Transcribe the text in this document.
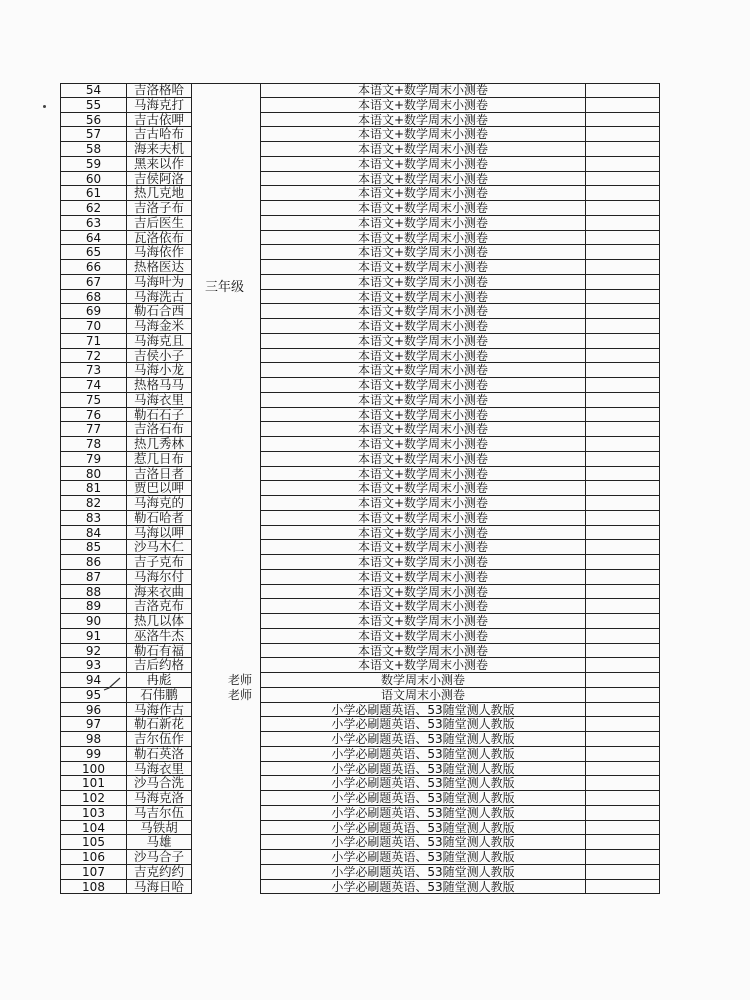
54	吉洛格哈	本语文+数学周末小测卷
55	马海克打	本语文+数学周末小测卷
56	吉古依呷	本语文+数学周末小测卷
57	吉古哈布	本语文+数学周末小测卷
58	海来夫机	本语文+数学周末小测卷
59	黑来以作	本语文+数学周末小测卷
60	吉侯阿洛	本语文+数学周末小测卷
61	热几克地	本语文+数学周末小测卷
62	吉洛子布	本语文+数学周末小测卷
63	吉后医生	本语文+数学周末小测卷
64	瓦洛依布	本语文+数学周末小测卷
65	马海依作	本语文+数学周末小测卷
66	热格医达	本语文+数学周末小测卷
67	马海叶为	本语文+数学周末小测卷
68	马海洗古	本语文+数学周末小测卷
69	勒石合西	本语文+数学周末小测卷
70	马海金米	本语文+数学周末小测卷
71	马海克且	本语文+数学周末小测卷
72	吉侯小子	本语文+数学周末小测卷
73	马海小龙	本语文+数学周末小测卷
74	热格马马	本语文+数学周末小测卷
75	马海衣里	本语文+数学周末小测卷
76	勒石石子	本语文+数学周末小测卷
77	吉洛石布	本语文+数学周末小测卷
78	热几秀林	本语文+数学周末小测卷
79	惹几日布	本语文+数学周末小测卷
80	吉洛日者	本语文+数学周末小测卷
81	贾巴以呷	本语文+数学周末小测卷
82	马海克的	本语文+数学周末小测卷
83	勒石哈者	本语文+数学周末小测卷
84	马海以呷	本语文+数学周末小测卷
85	沙马木仁	本语文+数学周末小测卷
86	吉子克布	本语文+数学周末小测卷
87	马海尔付	本语文+数学周末小测卷
88	海来衣曲	本语文+数学周末小测卷
89	吉洛克布	本语文+数学周末小测卷
90	热几以体	本语文+数学周末小测卷
91	巫洛牛杰	本语文+数学周末小测卷
92	勒石有福	本语文+数学周末小测卷
93	吉后约格	本语文+数学周末小测卷
94	冉彪	老师	数学周末小测卷
95	石伟鹏	老师	语文周末小测卷
96	马海作古	小学必刷题英语、53随堂测人教版
97	勒石新花	小学必刷题英语、53随堂测人教版
98	吉尔伍作	小学必刷题英语、53随堂测人教版
99	勒石英洛	小学必刷题英语、53随堂测人教版
100	马海衣里	小学必刷题英语、53随堂测人教版
101	沙马合洗	小学必刷题英语、53随堂测人教版
102	马海克洛	小学必刷题英语、53随堂测人教版
103	马吉尔伍	小学必刷题英语、53随堂测人教版
104	马铁胡	小学必刷题英语、53随堂测人教版
105	马雄	小学必刷题英语、53随堂测人教版
106	沙马合子	小学必刷题英语、53随堂测人教版
107	吉克约约	小学必刷题英语、53随堂测人教版
108	马海日哈	小学必刷题英语、53随堂测人教版
三年级
